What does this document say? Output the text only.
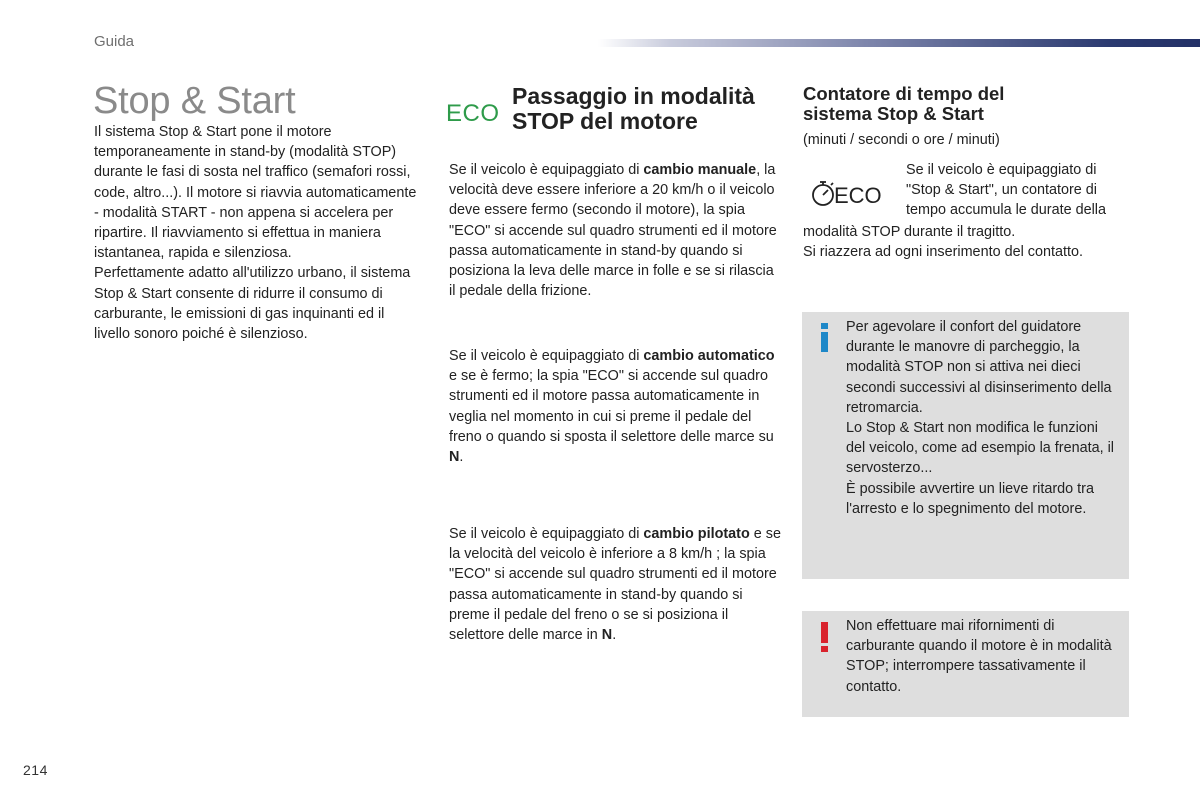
Guida
Stop & Start

Il sistema Stop & Start pone il motore temporaneamente in stand-by (modalità STOP) durante le fasi di sosta nel traffico (semafori rossi, code, altro...). Il motore si riavvia automaticamente - modalità START - non appena si accelera per ripartire. Il riavviamento si effettua in maniera istantanea, rapida e silenziosa.

Perfettamente adatto all'utilizzo urbano, il sistema Stop & Start consente di ridurre il consumo di carburante, le emissioni di gas inquinanti ed il livello sonoro poiché è silenzioso.

ECO
Passaggio in modalità
STOP del motore

Se il veicolo è equipaggiato di cambio manuale, la velocità deve essere inferiore a 20 km/h o il veicolo deve essere fermo (secondo il motore), la spia "ECO" si accende sul quadro strumenti ed il motore passa automaticamente in stand-by quando si posiziona la leva delle marce in folle e se si rilascia il pedale della frizione.

Se il veicolo è equipaggiato di cambio automatico e se è fermo; la spia "ECO" si accende sul quadro strumenti ed il motore passa automaticamente in veglia nel momento in cui si preme il pedale del freno o quando si sposta il selettore delle marce su N.

Se il veicolo è equipaggiato di cambio pilotato e se la velocità del veicolo è inferiore a 8 km/h ; la spia "ECO" si accende sul quadro strumenti ed il motore passa automaticamente in stand-by quando si preme il pedale del freno o se si posiziona il selettore delle marce in N.

Contatore di tempo del
sistema Stop & Start
(minuti / secondi o ore / minuti)
ECO
Se il veicolo è equipaggiato di "Stop & Start", un contatore di tempo accumula le durate della

modalità STOP durante il tragitto.

Si riazzera ad ogni inserimento del contatto.

Per agevolare il confort del guidatore durante le manovre di parcheggio, la modalità STOP non si attiva nei dieci secondi successivi al disinserimento della retromarcia.

Lo Stop & Start non modifica le funzioni del veicolo, come ad esempio la frenata, il servosterzo...

È possibile avvertire un lieve ritardo tra l'arresto e lo spegnimento del motore.

Non effettuare mai rifornimenti di carburante quando il motore è in modalità STOP; interrompere tassativamente il contatto.

214
